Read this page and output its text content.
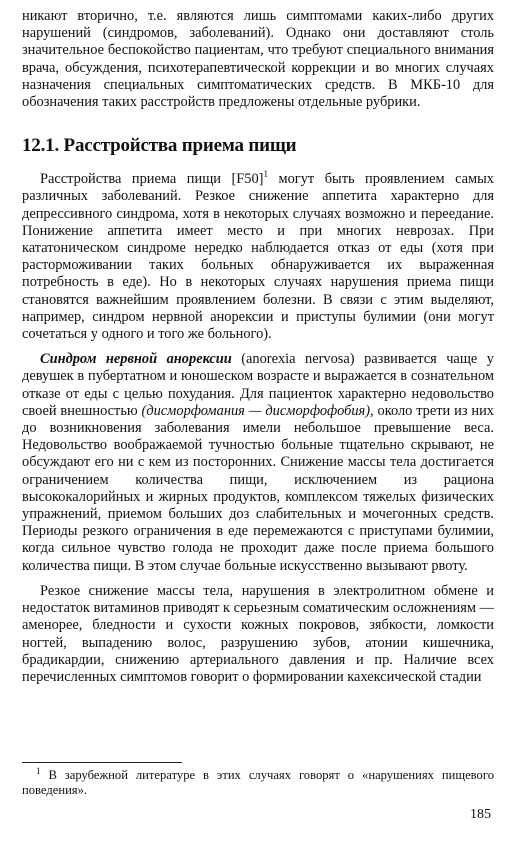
никают вторично, т.е. являются лишь симптомами каких-либо других нарушений (синдромов, заболеваний). Однако они доставляют столь значительное беспокойство пациентам, что требуют специального внимания врача, обсуждения, психотерапевтической коррекции и во многих случаях назначения специальных симптоматических средств. В МКБ-10 для обозначения таких расстройств предложены отдельные рубрики.

12.1. Расстройства приема пищи

Расстройства приема пищи $[F50]^1$ могут быть проявлением самых различных заболеваний. Резкое снижение аппетита характерно для депрессивного синдрома, хотя в некоторых случаях возможно и переедание. Понижение аппетита имеет место и при многих неврозах. При кататоническом синдроме нередко наблюдается отказ от еды (хотя при расторможивании таких больных обнаруживается их выраженная потребность в еде). Но в некоторых случаях нарушения приема пищи становятся важнейшим проявлением болезни. В связи с этим выделяют, например, синдром нервной анорексии и приступы булимии (они могут сочетаться у одного и того же больного).

Синдром нервной анорексии (anorexia nervosa) развивается чаще у девушек в пубертатном и юношеском возрасте и выражается в сознательном отказе от еды с целью похудания. Для пациенток характерно недовольство своей внешностью (дисморфомания — дисморфофобия), около трети из них до возникновения заболевания имели небольшое превышение веса. Недовольство воображаемой тучностью больные тщательно скрывают, не обсуждают его ни с кем из посторонних. Снижение массы тела достигается ограничением количества пищи, исключением из рациона высококалорийных и жирных продуктов, комплексом тяжелых физических упражнений, приемом больших доз слабительных и мочегонных средств. Периоды резкого ограничения в еде перемежаются с приступами булимии, когда сильное чувство голода не проходит даже после приема большого количества пищи. В этом случае больные искусственно вызывают рвоту.

Резкое снижение массы тела, нарушения в электролитном обмене и недостаток витаминов приводят к серьезным соматическим осложнениям — аменорее, бледности и сухости кожных покровов, зябкости, ломкости ногтей, выпадению волос, разрушению зубов, атонии кишечника, брадикардии, снижению артериального давления и пр. Наличие всех перечисленных симптомов говорит о формировании кахексической стадии

$^1$ В зарубежной литературе в этих случаях говорят о «нарушениях пищевого поведения».

185
